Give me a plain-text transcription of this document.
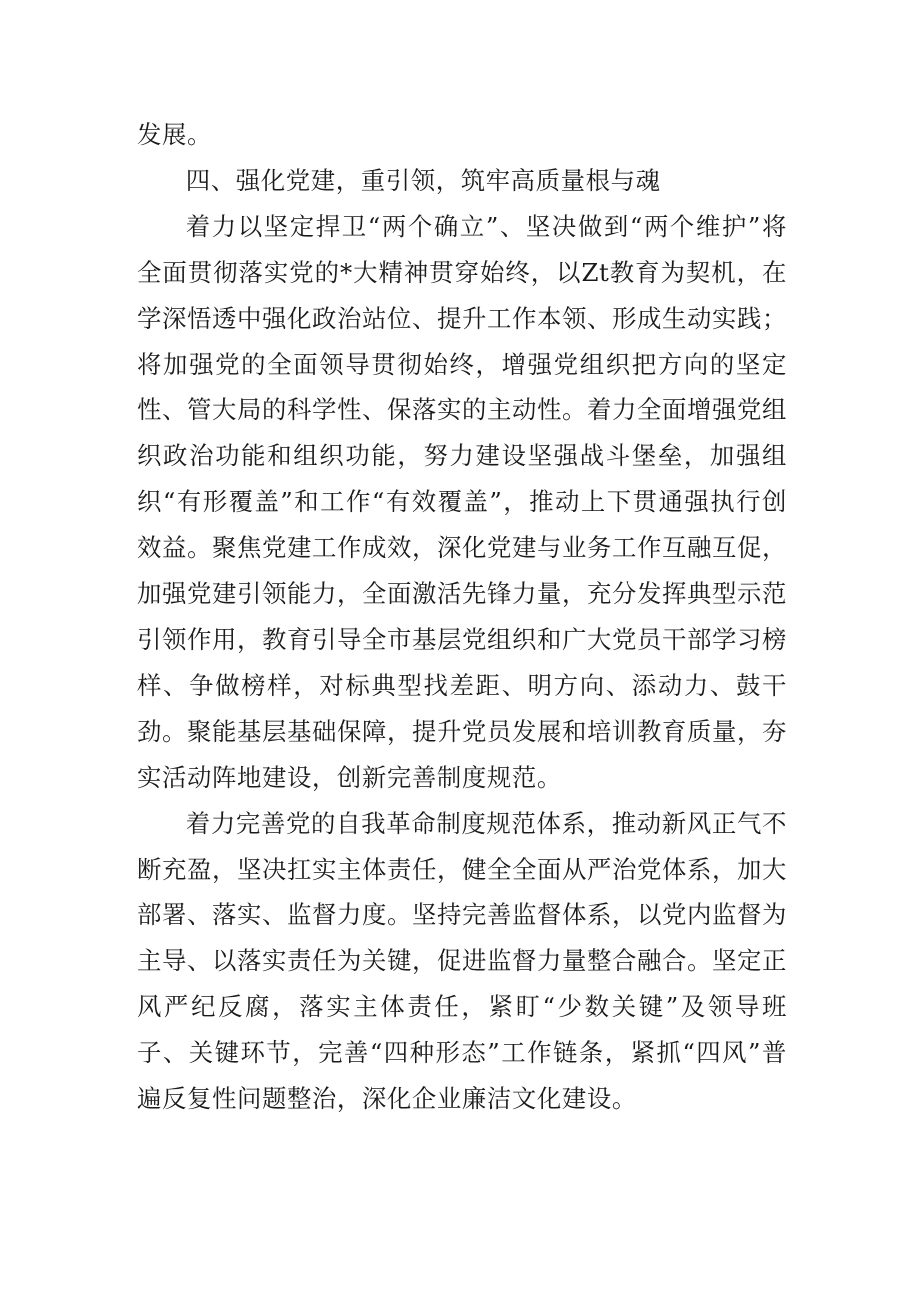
发展。

四、强化党建，重引领，筑牢高质量根与魂

着力以坚定捍卫“两个确立”、坚决做到“两个维护”将全面贯彻落实党的*大精神贯穿始终，以Zt教育为契机，在学深悟透中强化政治站位、提升工作本领、形成生动实践；将加强党的全面领导贯彻始终，增强党组织把方向的坚定性、管大局的科学性、保落实的主动性。着力全面增强党组织政治功能和组织功能，努力建设坚强战斗堡垒，加强组织“有形覆盖”和工作“有效覆盖”，推动上下贯通强执行创效益。聚焦党建工作成效，深化党建与业务工作互融互促，加强党建引领能力，全面激活先锋力量，充分发挥典型示范引领作用，教育引导全市基层党组织和广大党员干部学习榜样、争做榜样，对标典型找差距、明方向、添动力、鼓干劲。聚能基层基础保障，提升党员发展和培训教育质量，夯实活动阵地建设，创新完善制度规范。

着力完善党的自我革命制度规范体系，推动新风正气不断充盈，坚决扛实主体责任，健全全面从严治党体系，加大部署、落实、监督力度。坚持完善监督体系，以党内监督为主导、以落实责任为关键，促进监督力量整合融合。坚定正风严纪反腐，落实主体责任，紧盯“少数关键”及领导班子、关键环节，完善“四种形态”工作链条，紧抓“四风”普遍反复性问题整治，深化企业廉洁文化建设。
